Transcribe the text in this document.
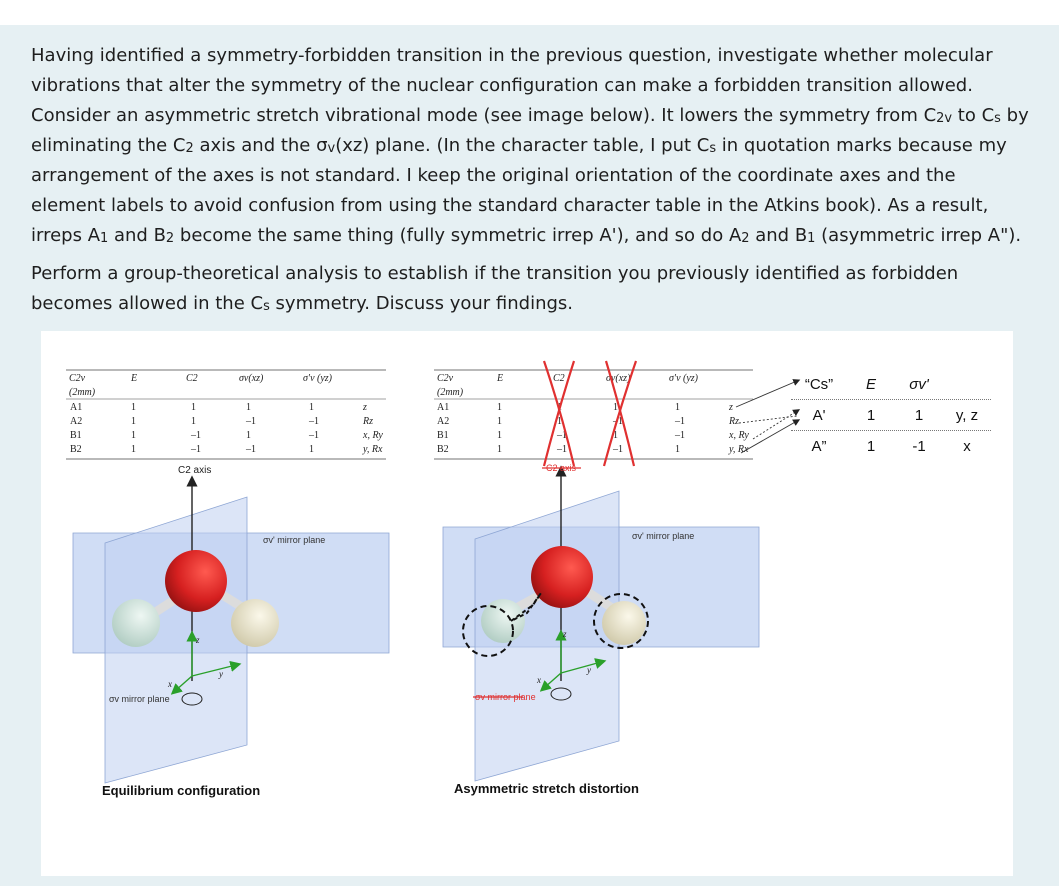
Having identified a symmetry-forbidden transition in the previous question, investigate whether molecular vibrations that alter the symmetry of the nuclear configuration can make a forbidden transition allowed. Consider an asymmetric stretch vibrational mode (see image below). It lowers the symmetry from $C_{2v}$ to $C_s$ by eliminating the $C_2$ axis and the $\sigma_v(xz)$ plane. (In the character table, I put $C_s$ in quotation marks because my arrangement of the axes is not standard. I keep the original orientation of the coordinate axes and the element labels to avoid confusion from using the standard character table in the Atkins book). As a result, irreps $A_1$ and $B_2$ become the same thing (fully symmetric irrep A'), and so do $A_2$ and $B_1$ (asymmetric irrep A").

Perform a group-theoretical analysis to establish if the transition you previously identified as forbidden becomes allowed in the $C_s$ symmetry. Discuss your findings.

C2v
(2mm)
E	C2	σv(xz)	σ'v (yz)
A1	1	1	1	1	z
A2	1	1	–1	–1	Rz
B1	1	–1	1	–1	x, Ry
B2	1	–1	–1	1	y, Rx
C2v
(2mm)
E	C2	σv(xz)	σ'v (yz)
A1	1	1	1	1	z
A2	1	1	–1	–1	Rz
B1	1	–1	1	–1	x, Ry
B2	1	–1	–1	1	y, Rx
C2 axis
z
y
x
σv' mirror plane
σv mirror plane
C2 axis
z
y
x
σv' mirror plane
σv mirror plane
Equilibrium configuration	Asymmetric stretch distortion
“Cs”	E	σv'
A'	1	1	y, z
A”	1	-1	x
